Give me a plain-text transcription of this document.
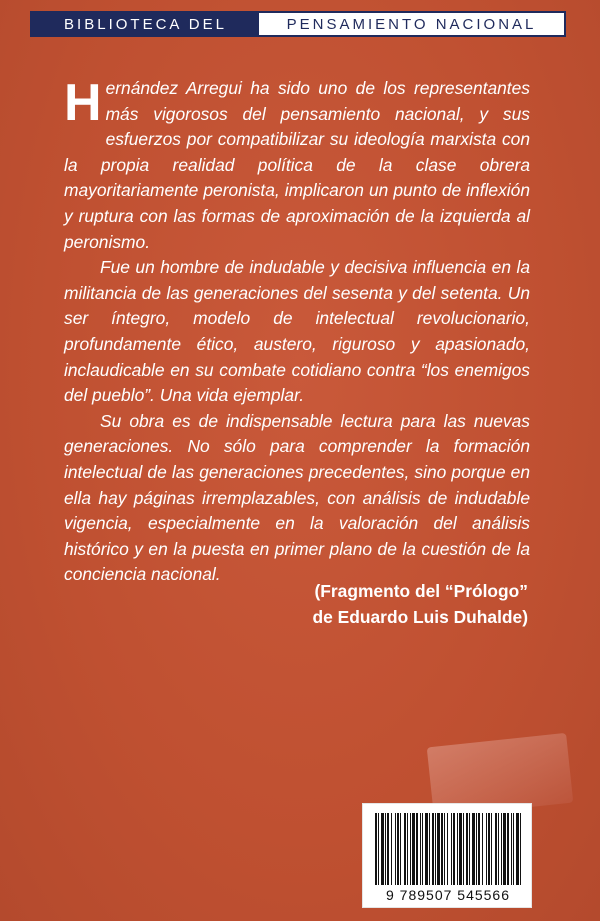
BIBLIOTECA DEL	PENSAMIENTO NACIONAL

Hernández Arregui ha sido uno de los representantes más vigorosos del pensamiento nacional, y sus esfuerzos por compatibilizar su ideología marxista con la propia realidad política de la clase obrera mayoritariamente peronista, implicaron un punto de inflexión y ruptura con las formas de aproximación de la izquierda al peronismo.

Fue un hombre de indudable y decisiva influencia en la militancia de las generaciones del sesenta y del setenta. Un ser íntegro, modelo de intelectual revolucionario, profundamente ético, austero, riguroso y apasionado, inclaudicable en su combate cotidiano contra “los enemigos del pueblo”. Una vida ejemplar.

Su obra es de indispensable lectura para las nuevas generaciones. No sólo para comprender la formación intelectual de las generaciones precedentes, sino porque en ella hay páginas irremplazables, con análisis de indudable vigencia, especialmente en la valoración del análisis histórico y en la puesta en primer plano de la cuestión de la conciencia nacional.

(Fragmento del “Prólogo”
de Eduardo Luis Duhalde)
9 789507 545566
